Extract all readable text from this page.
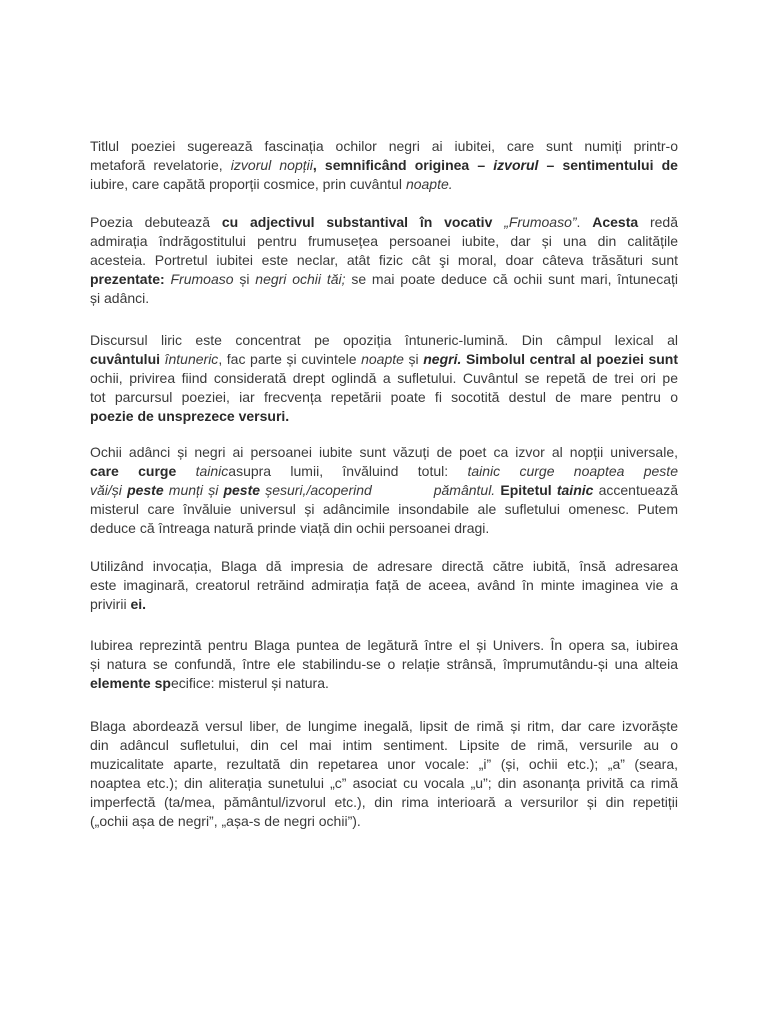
Titlul poeziei sugerează fascinația ochilor negri ai iubitei, care sunt numiți printr-o
metaforă revelatorie, izvorul nopții, semnificând originea – izvorul – sentimentului de
iubire, care capătă proporții cosmice, prin cuvântul noapte.
Poezia debutează cu adjectivul substantival în vocativ „Frumoaso”. Acesta redă
admirația îndrăgostitului pentru frumusețea persoanei iubite, dar și una din calitățile
acesteia. Portretul iubitei este neclar, atât fizic cât şi moral, doar câteva trăsături sunt
prezentate: Frumoaso și negri ochii tăi; se mai poate deduce că ochii sunt mari, întunecați
și adânci.
Discursul liric este concentrat pe opoziția întuneric-lumină. Din câmpul lexical al
cuvântului întuneric, fac parte și cuvintele noapte și negri. Simbolul central al poeziei sunt
ochii, privirea fiind considerată drept oglindă a sufletului. Cuvântul se repetă de trei ori pe
tot parcursul poeziei, iar frecvența repetării poate fi socotită destul de mare pentru o
poezie de unsprezece versuri.
Ochii adânci și negri ai persoanei iubite sunt văzuți de poet ca izvor al nopții universale,
care curge tainicasupra lumii, învăluind totul: tainic curge noaptea peste
văi/și peste munți și peste șesuri,/acoperind            pământul. Epitetul tainic accentuează
misterul care învăluie universul și adâncimile insondabile ale sufletului omenesc. Putem
deduce că întreaga natură prinde viață din ochii persoanei dragi.
Utilizând invocația, Blaga dă impresia de adresare directă către iubită, însă adresarea
este imaginară, creatorul retrăind admirația față de aceea, având în minte imaginea vie a
privirii ei.
Iubirea reprezintă pentru Blaga puntea de legătură între el și Univers. În opera sa, iubirea
și natura se confundă, între ele stabilindu-se o relație strânsă, împrumutându-și una alteia
elemente specifice: misterul și natura.
Blaga abordează versul liber, de lungime inegală, lipsit de rimă și ritm, dar care izvorăște
din adâncul sufletului, din cel mai intim sentiment. Lipsite de rimă, versurile au o
muzicalitate aparte, rezultată din repetarea unor vocale: „i” (și, ochii etc.); „a” (seara,
noaptea etc.); din aliterația sunetului „c” asociat cu vocala „u”; din asonanța privită ca rimă
imperfectă (ta/mea, pământul/izvorul etc.), din rima interioară a versurilor și din repetiții
(„ochii așa de negri”, „așa-s de negri ochii”).
